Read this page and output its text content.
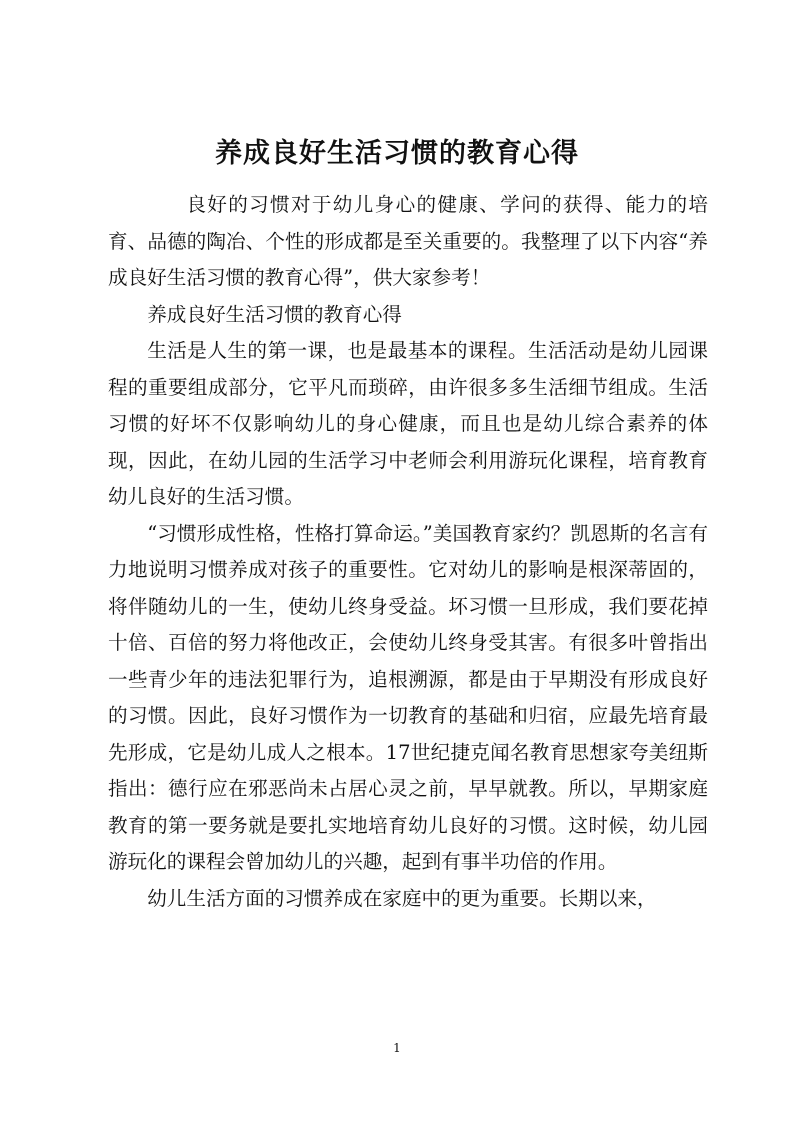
养成良好生活习惯的教育心得

良好的习惯对于幼儿身心的健康、学问的获得、能力的培育、品德的陶冶、个性的形成都是至关重要的。我整理了以下内容“养成良好生活习惯的教育心得”，供大家参考！

养成良好生活习惯的教育心得

生活是人生的第一课，也是最基本的课程。生活活动是幼儿园课程的重要组成部分，它平凡而琐碎，由许很多多生活细节组成。生活习惯的好坏不仅影响幼儿的身心健康，而且也是幼儿综合素养的体现，因此，在幼儿园的生活学习中老师会利用游玩化课程，培育教育幼儿良好的生活习惯。

“习惯形成性格，性格打算命运。”美国教育家约？凯恩斯的名言有力地说明习惯养成对孩子的重要性。它对幼儿的影响是根深蒂固的，将伴随幼儿的一生，使幼儿终身受益。坏习惯一旦形成，我们要花掉十倍、百倍的努力将他改正，会使幼儿终身受其害。有很多叶曾指出一些青少年的违法犯罪行为，追根溯源，都是由于早期没有形成良好的习惯。因此，良好习惯作为一切教育的基础和归宿，应最先培育最先形成，它是幼儿成人之根本。17世纪捷克闻名教育思想家夸美纽斯指出：德行应在邪恶尚未占居心灵之前，早早就教。所以，早期家庭教育的第一要务就是要扎实地培育幼儿良好的习惯。这时候，幼儿园游玩化的课程会曾加幼儿的兴趣，起到有事半功倍的作用。

幼儿生活方面的习惯养成在家庭中的更为重要。长期以来，

1
